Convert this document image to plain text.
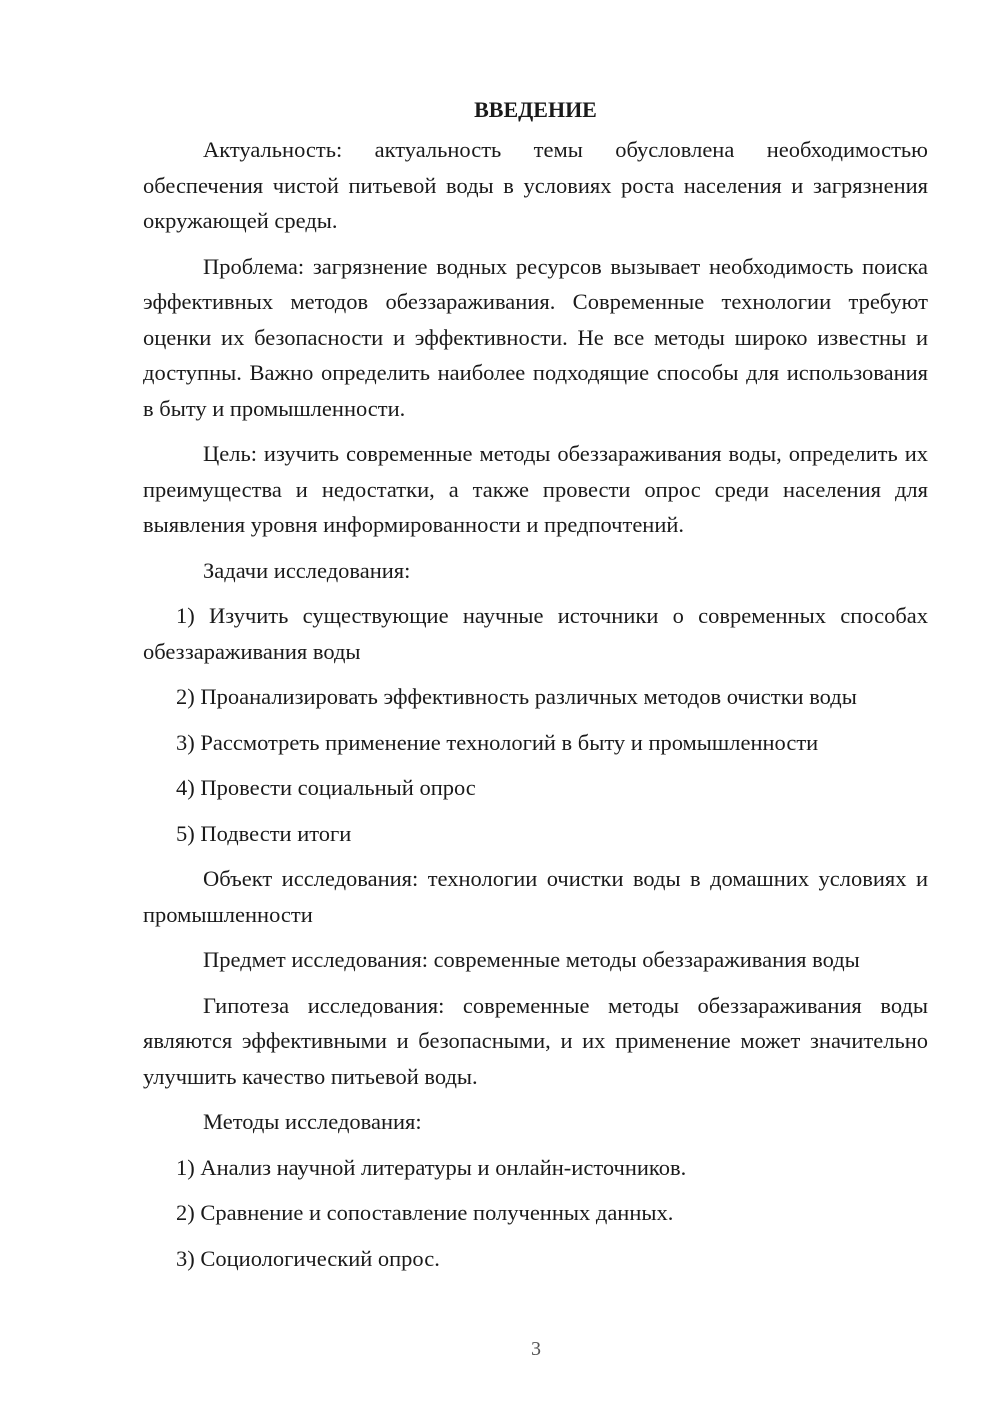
ВВЕДЕНИЕ

Актуальность: актуальность темы обусловлена необходимостью обеспечения чистой питьевой воды в условиях роста населения и загрязнения окружающей среды.

Проблема: загрязнение водных ресурсов вызывает необходимость поиска эффективных методов обеззараживания. Современные технологии требуют оценки их безопасности и эффективности. Не все методы широко известны и доступны. Важно определить наиболее подходящие способы для использования в быту и промышленности.

Цель: изучить современные методы обеззараживания воды, определить их преимущества и недостатки, а также провести опрос среди населения для выявления уровня информированности и предпочтений.

Задачи исследования:

1) Изучить существующие научные источники о современных способах обеззараживания воды

2) Проанализировать эффективность различных методов очистки воды

3) Рассмотреть применение технологий в быту и промышленности

4) Провести социальный опрос

5) Подвести итоги

Объект исследования: технологии очистки воды в домашних условиях и промышленности

Предмет исследования: современные методы обеззараживания воды

Гипотеза исследования: современные методы обеззараживания воды являются эффективными и безопасными, и их применение может значительно улучшить качество питьевой воды.

Методы исследования:

1) Анализ научной литературы и онлайн-источников.

2) Сравнение и сопоставление полученных данных.

3) Социологический опрос.

3
